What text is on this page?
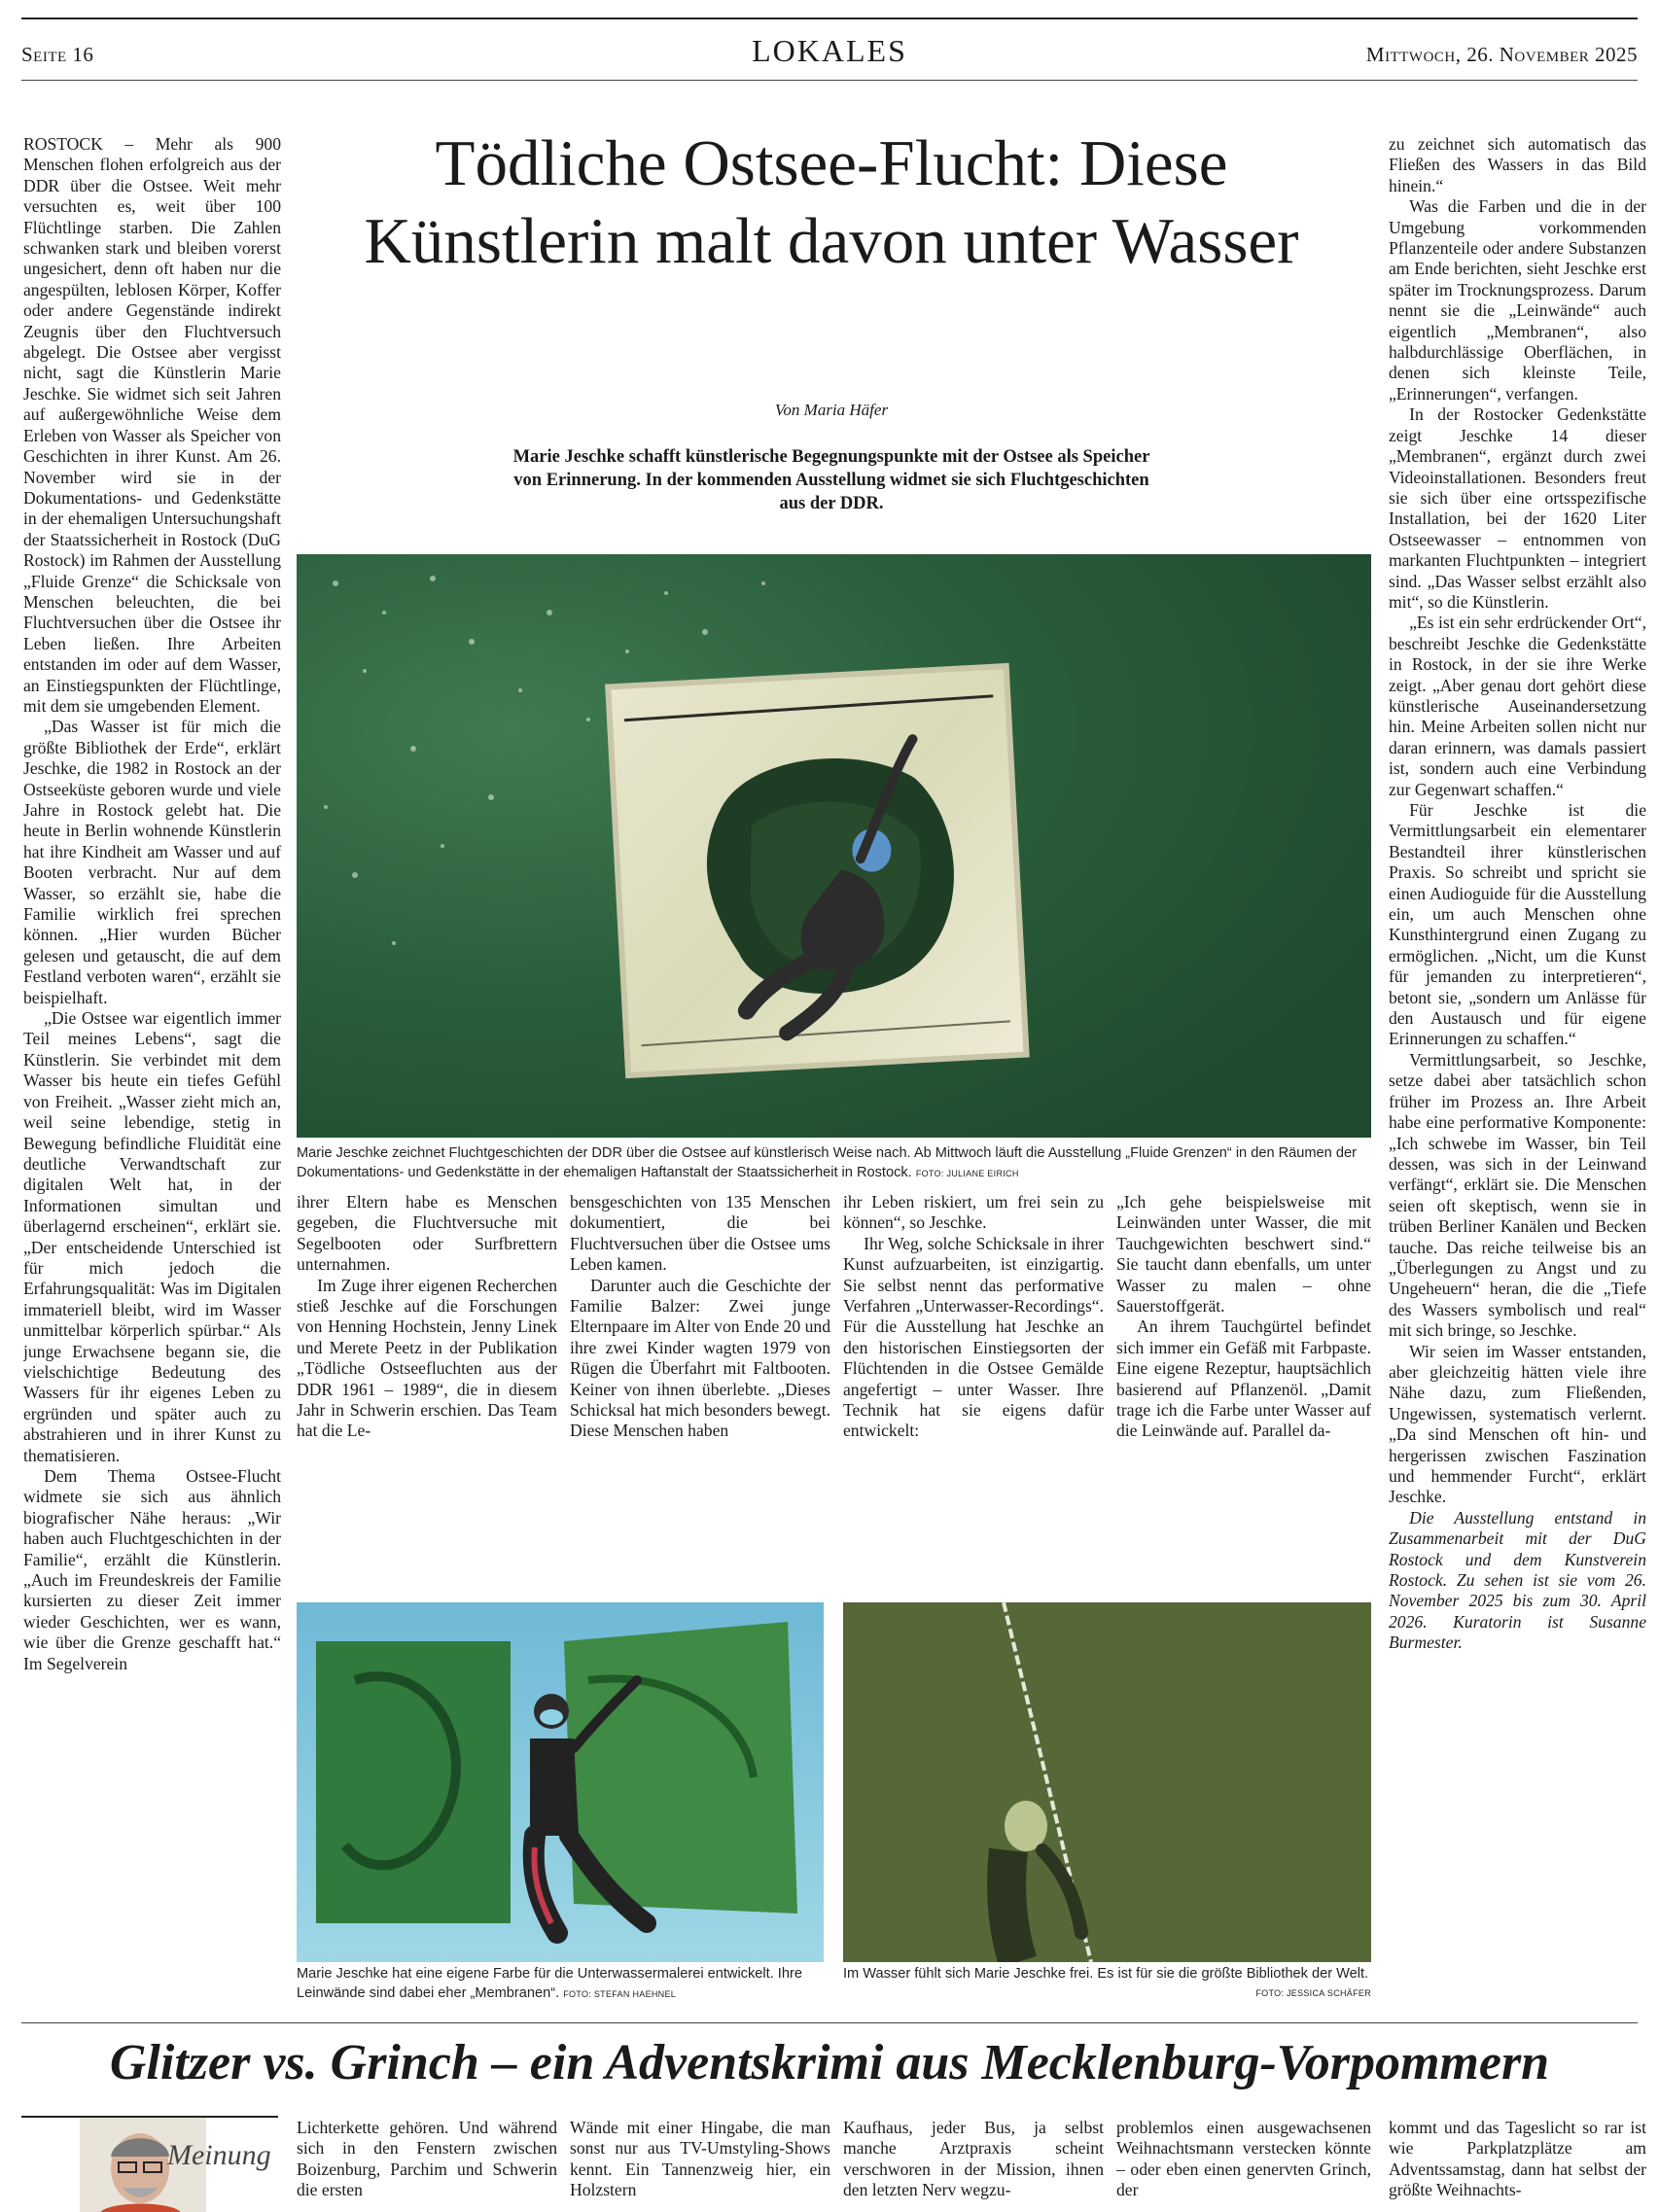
Seite 16	LOKALES	Mittwoch, 26. November 2025

ROSTOCK – Mehr als 900 Menschen flohen erfolgreich aus der DDR über die Ostsee. Weit mehr versuchten es, weit über 100 Flüchtlinge starben. Die Zahlen schwanken stark und bleiben vorerst ungesichert, denn oft haben nur die angespülten, leblosen Körper, Koffer oder andere Gegenstände indirekt Zeugnis über den Fluchtversuch abgelegt. Die Ostsee aber vergisst nicht, sagt die Künstlerin Marie Jeschke. Sie widmet sich seit Jahren auf außergewöhnliche Weise dem Erleben von Wasser als Speicher von Geschichten in ihrer Kunst. Am 26. November wird sie in der Dokumentations- und Gedenkstätte in der ehemaligen Untersuchungshaft der Staatssicherheit in Rostock (DuG Rostock) im Rahmen der Ausstellung „Fluide Grenze“ die Schicksale von Menschen beleuchten, die bei Fluchtversuchen über die Ostsee ihr Leben ließen. Ihre Arbeiten entstanden im oder auf dem Wasser, an Einstiegspunkten der Flüchtlinge, mit dem sie umgebenden Element.

„Das Wasser ist für mich die größte Bibliothek der Erde“, erklärt Jeschke, die 1982 in Rostock an der Ostseeküste geboren wurde und viele Jahre in Rostock gelebt hat. Die heute in Berlin wohnende Künstlerin hat ihre Kindheit am Wasser und auf Booten verbracht. Nur auf dem Wasser, so erzählt sie, habe die Familie wirklich frei sprechen können. „Hier wurden Bücher gelesen und getauscht, die auf dem Festland verboten waren“, erzählt sie beispielhaft.

„Die Ostsee war eigentlich immer Teil meines Lebens“, sagt die Künstlerin. Sie verbindet mit dem Wasser bis heute ein tiefes Gefühl von Freiheit. „Wasser zieht mich an, weil seine lebendige, stetig in Bewegung befindliche Fluidität eine deutliche Verwandtschaft zur digitalen Welt hat, in der Informationen simultan und überlagernd erscheinen“, erklärt sie. „Der entscheidende Unterschied ist für mich jedoch die Erfahrungsqualität: Was im Digitalen immateriell bleibt, wird im Wasser unmittelbar körperlich spürbar.“ Als junge Erwachsene begann sie, die vielschichtige Bedeutung des Wassers für ihr eigenes Leben zu ergründen und später auch zu abstrahieren und in ihrer Kunst zu thematisieren.

Dem Thema Ostsee-Flucht widmete sie sich aus ähnlich biografischer Nähe heraus: „Wir haben auch Fluchtgeschichten in der Familie“, erzählt die Künstlerin. „Auch im Freundeskreis der Familie kursierten zu dieser Zeit immer wieder Geschichten, wer es wann, wie über die Grenze geschafft hat.“ Im Segelverein

Tödliche Ostsee-Flucht: Diese Künstlerin malt davon unter Wasser
Von Maria Häfer
Marie Jeschke schafft künstlerische Begegnungspunkte mit der Ostsee als Speicher von Erinnerung. In der kommenden Ausstellung widmet sie sich Fluchtgeschichten aus der DDR.
Marie Jeschke zeichnet Fluchtgeschichten der DDR über die Ostsee auf künstlerisch Weise nach. Ab Mittwoch läuft die Ausstellung „Fluide Grenzen“ in den Räumen der Dokumentations- und Gedenkstätte in der ehemaligen Haftanstalt der Staatssicherheit in Rostock. FOTO: JULIANE EIRICH

ihrer Eltern habe es Menschen gegeben, die Fluchtversuche mit Segelbooten oder Surfbrettern unternahmen.

Im Zuge ihrer eigenen Recherchen stieß Jeschke auf die Forschungen von Henning Hochstein, Jenny Linek und Merete Peetz in der Publikation „Tödliche Ostseefluchten aus der DDR 1961 – 1989“, die in diesem Jahr in Schwerin erschien. Das Team hat die Le-

bensgeschichten von 135 Menschen dokumentiert, die bei Fluchtversuchen über die Ostsee ums Leben kamen.

Darunter auch die Geschichte der Familie Balzer: Zwei junge Elternpaare im Alter von Ende 20 und ihre zwei Kinder wagten 1979 von Rügen die Überfahrt mit Faltbooten. Keiner von ihnen überlebte. „Dieses Schicksal hat mich besonders bewegt. Diese Menschen haben

ihr Leben riskiert, um frei sein zu können“, so Jeschke.

Ihr Weg, solche Schicksale in ihrer Kunst aufzuarbeiten, ist einzigartig. Sie selbst nennt das performative Verfahren „Unterwasser-Recordings“. Für die Ausstellung hat Jeschke an den historischen Einstiegsorten der Flüchtenden in die Ostsee Gemälde angefertigt – unter Wasser. Ihre Technik hat sie eigens dafür entwickelt:

„Ich gehe beispielsweise mit Leinwänden unter Wasser, die mit Tauchgewichten beschwert sind.“ Sie taucht dann ebenfalls, um unter Wasser zu malen – ohne Sauerstoffgerät.

An ihrem Tauchgürtel befindet sich immer ein Gefäß mit Farbpaste. Eine eigene Rezeptur, hauptsächlich basierend auf Pflanzenöl. „Damit trage ich die Farbe unter Wasser auf die Leinwände auf. Parallel da-

Marie Jeschke hat eine eigene Farbe für die Unterwassermalerei entwickelt. Ihre Leinwände sind dabei eher „Membranen“. FOTO: STEFAN HAEHNEL
Im Wasser fühlt sich Marie Jeschke frei. Es ist für sie die größte Bibliothek der Welt.
FOTO: JESSICA SCHÄFER

zu zeichnet sich automatisch das Fließen des Wassers in das Bild hinein.“

Was die Farben und die in der Umgebung vorkommenden Pflanzenteile oder andere Substanzen am Ende berichten, sieht Jeschke erst später im Trocknungsprozess. Darum nennt sie die „Leinwände“ auch eigentlich „Membranen“, also halbdurchlässige Oberflächen, in denen sich kleinste Teile, „Erinnerungen“, verfangen.

In der Rostocker Gedenkstätte zeigt Jeschke 14 dieser „Membranen“, ergänzt durch zwei Videoinstallationen. Besonders freut sie sich über eine ortsspezifische Installation, bei der 1620 Liter Ostseewasser – entnommen von markanten Fluchtpunkten – integriert sind. „Das Wasser selbst erzählt also mit“, so die Künstlerin.

„Es ist ein sehr erdrückender Ort“, beschreibt Jeschke die Gedenkstätte in Rostock, in der sie ihre Werke zeigt. „Aber genau dort gehört diese künstlerische Auseinandersetzung hin. Meine Arbeiten sollen nicht nur daran erinnern, was damals passiert ist, sondern auch eine Verbindung zur Gegenwart schaffen.“

Für Jeschke ist die Vermittlungsarbeit ein elementarer Bestandteil ihrer künstlerischen Praxis. So schreibt und spricht sie einen Audioguide für die Ausstellung ein, um auch Menschen ohne Kunsthintergrund einen Zugang zu ermöglichen. „Nicht, um die Kunst für jemanden zu interpretieren“, betont sie, „sondern um Anlässe für den Austausch und für eigene Erinnerungen zu schaffen.“

Vermittlungsarbeit, so Jeschke, setze dabei aber tatsächlich schon früher im Prozess an. Ihre Arbeit habe eine performative Komponente: „Ich schwebe im Wasser, bin Teil dessen, was sich in der Leinwand verfängt“, erklärt sie. Die Menschen seien oft skeptisch, wenn sie in trüben Berliner Kanälen und Becken tauche. Das reiche teilweise bis an „Überlegungen zu Angst und zu Ungeheuern“ heran, die die „Tiefe des Wassers symbolisch und real“ mit sich bringe, so Jeschke.

Wir seien im Wasser entstanden, aber gleichzeitig hätten viele ihre Nähe dazu, zum Fließenden, Ungewissen, systematisch verlernt. „Da sind Menschen oft hin- und hergerissen zwischen Faszination und hemmender Furcht“, erklärt Jeschke.

Die Ausstellung entstand in Zusammenarbeit mit der DuG Rostock und dem Kunstverein Rostock. Zu sehen ist sie vom 26. November 2025 bis zum 30. April 2026. Kuratorin ist Susanne Burmester.

Glitzer vs. Grinch – ein Adventskrimi aus Mecklenburg-Vorpommern
Meinung
Lichterkette gehören. Und während sich in den Fenstern zwischen Boizenburg, Parchim und Schwerin die ersten
Wände mit einer Hingabe, die man sonst nur aus TV-Umstyling-Shows kennt. Ein Tannenzweig hier, ein Holzstern
Kaufhaus, jeder Bus, ja selbst manche Arztpraxis scheint verschworen in der Mission, ihnen den letzten Nerv wegzu-
problemlos einen ausgewachsenen Weihnachtsmann verstecken könnte – oder eben einen genervten Grinch, der
kommt und das Tageslicht so rar ist wie Parkplatzplätze am Adventssamstag, dann hat selbst der größte Weihnachts-
